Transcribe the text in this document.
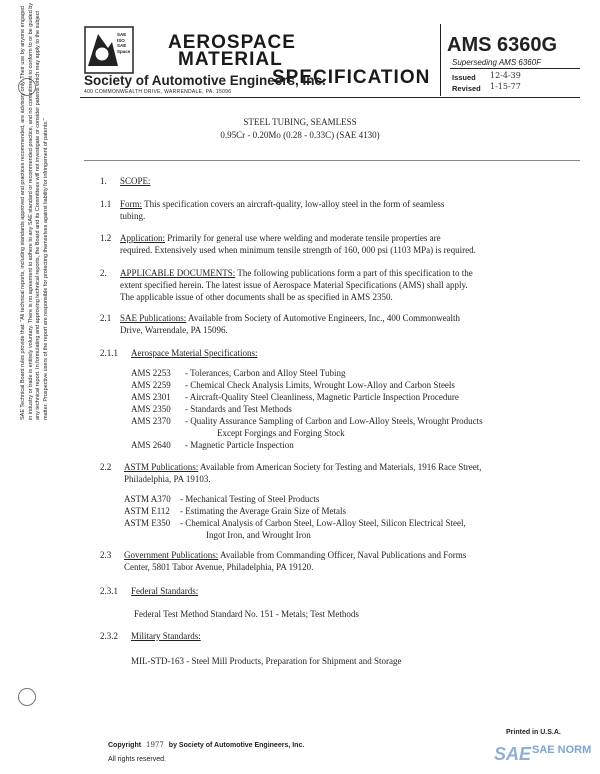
SAE Technical Board rules provide that: "All technical reports, including standards approved and practices recommended, are advisory only. Their use by anyone engaged in industry or trade is entirely voluntary. There is no agreement to adhere to any SAE standard or recommended practice, and no commitment to conform to or be guided by any technical report. In formulating and approving technical reports, the Board and its Committees will not investigate or consider patents which may apply to the subject matter. Prospective users of the report are responsible for protecting themselves against liability for infringement of patents."
SAE
ISO
SAE
Space AEROSPACE
MATERIAL
SPECIFICATION
Society of Automotive Engineers, Inc.
400 COMMONWEALTH DRIVE, WARRENDALE, PA. 15096
AMS 6360G
Superseding AMS 6360F
Issued 12-4-39
Revised 1-15-77
STEEL TUBING, SEAMLESS
0.95Cr - 0.20Mo (0.28 - 0.33C) (SAE 4130)
1. SCOPE:
1.1 Form: This specification covers an aircraft-quality, low-alloy steel in the form of seamless
tubing.
1.2 Application: Primarily for general use where welding and moderate tensile properties are
required. Extensively used when minimum tensile strength of 160, 000 psi (1103 MPa) is required.
2. APPLICABLE DOCUMENTS: The following publications form a part of this specification to the
extent specified herein. The latest issue of Aerospace Material Specifications (AMS) shall apply.
The applicable issue of other documents shall be as specified in AMS 2350.
2.1 SAE Publications: Available from Society of Automotive Engineers, Inc., 400 Commonwealth
Drive, Warrendale, PA 15096.
2.1.1 Aerospace Material Specifications:
AMS 2253 - Tolerances, Carbon and Alloy Steel Tubing
AMS 2259 - Chemical Check Analysis Limits, Wrought Low-Alloy and Carbon Steels
AMS 2301 - Aircraft-Quality Steel Cleanliness, Magnetic Particle Inspection Procedure
AMS 2350 - Standards and Test Methods
AMS 2370 - Quality Assurance Sampling of Carbon and Low-Alloy Steels, Wrought Products
Except Forgings and Forging Stock
AMS 2640 - Magnetic Particle Inspection
2.2 ASTM Publications: Available from American Society for Testing and Materials, 1916 Race Street,
Philadelphia, PA 19103.
ASTM A370 - Mechanical Testing of Steel Products
ASTM E112 - Estimating the Average Grain Size of Metals
ASTM E350 - Chemical Analysis of Carbon Steel, Low-Alloy Steel, Silicon Electrical Steel,
Ingot Iron, and Wrought Iron
2.3 Government Publications: Available from Commanding Officer, Naval Publications and Forms
Center, 5801 Tabor Avenue, Philadelphia, PA 19120.
2.3.1 Federal Standards:
Federal Test Method Standard No. 151 - Metals; Test Methods
2.3.2 Military Standards:
MIL-STD-163 - Steel Mill Products, Preparation for Shipment and Storage
Copyright 1977 by Society of Automotive Engineers, Inc.
All rights reserved.
Printed in U.S.A.
SAE SAE NORM
